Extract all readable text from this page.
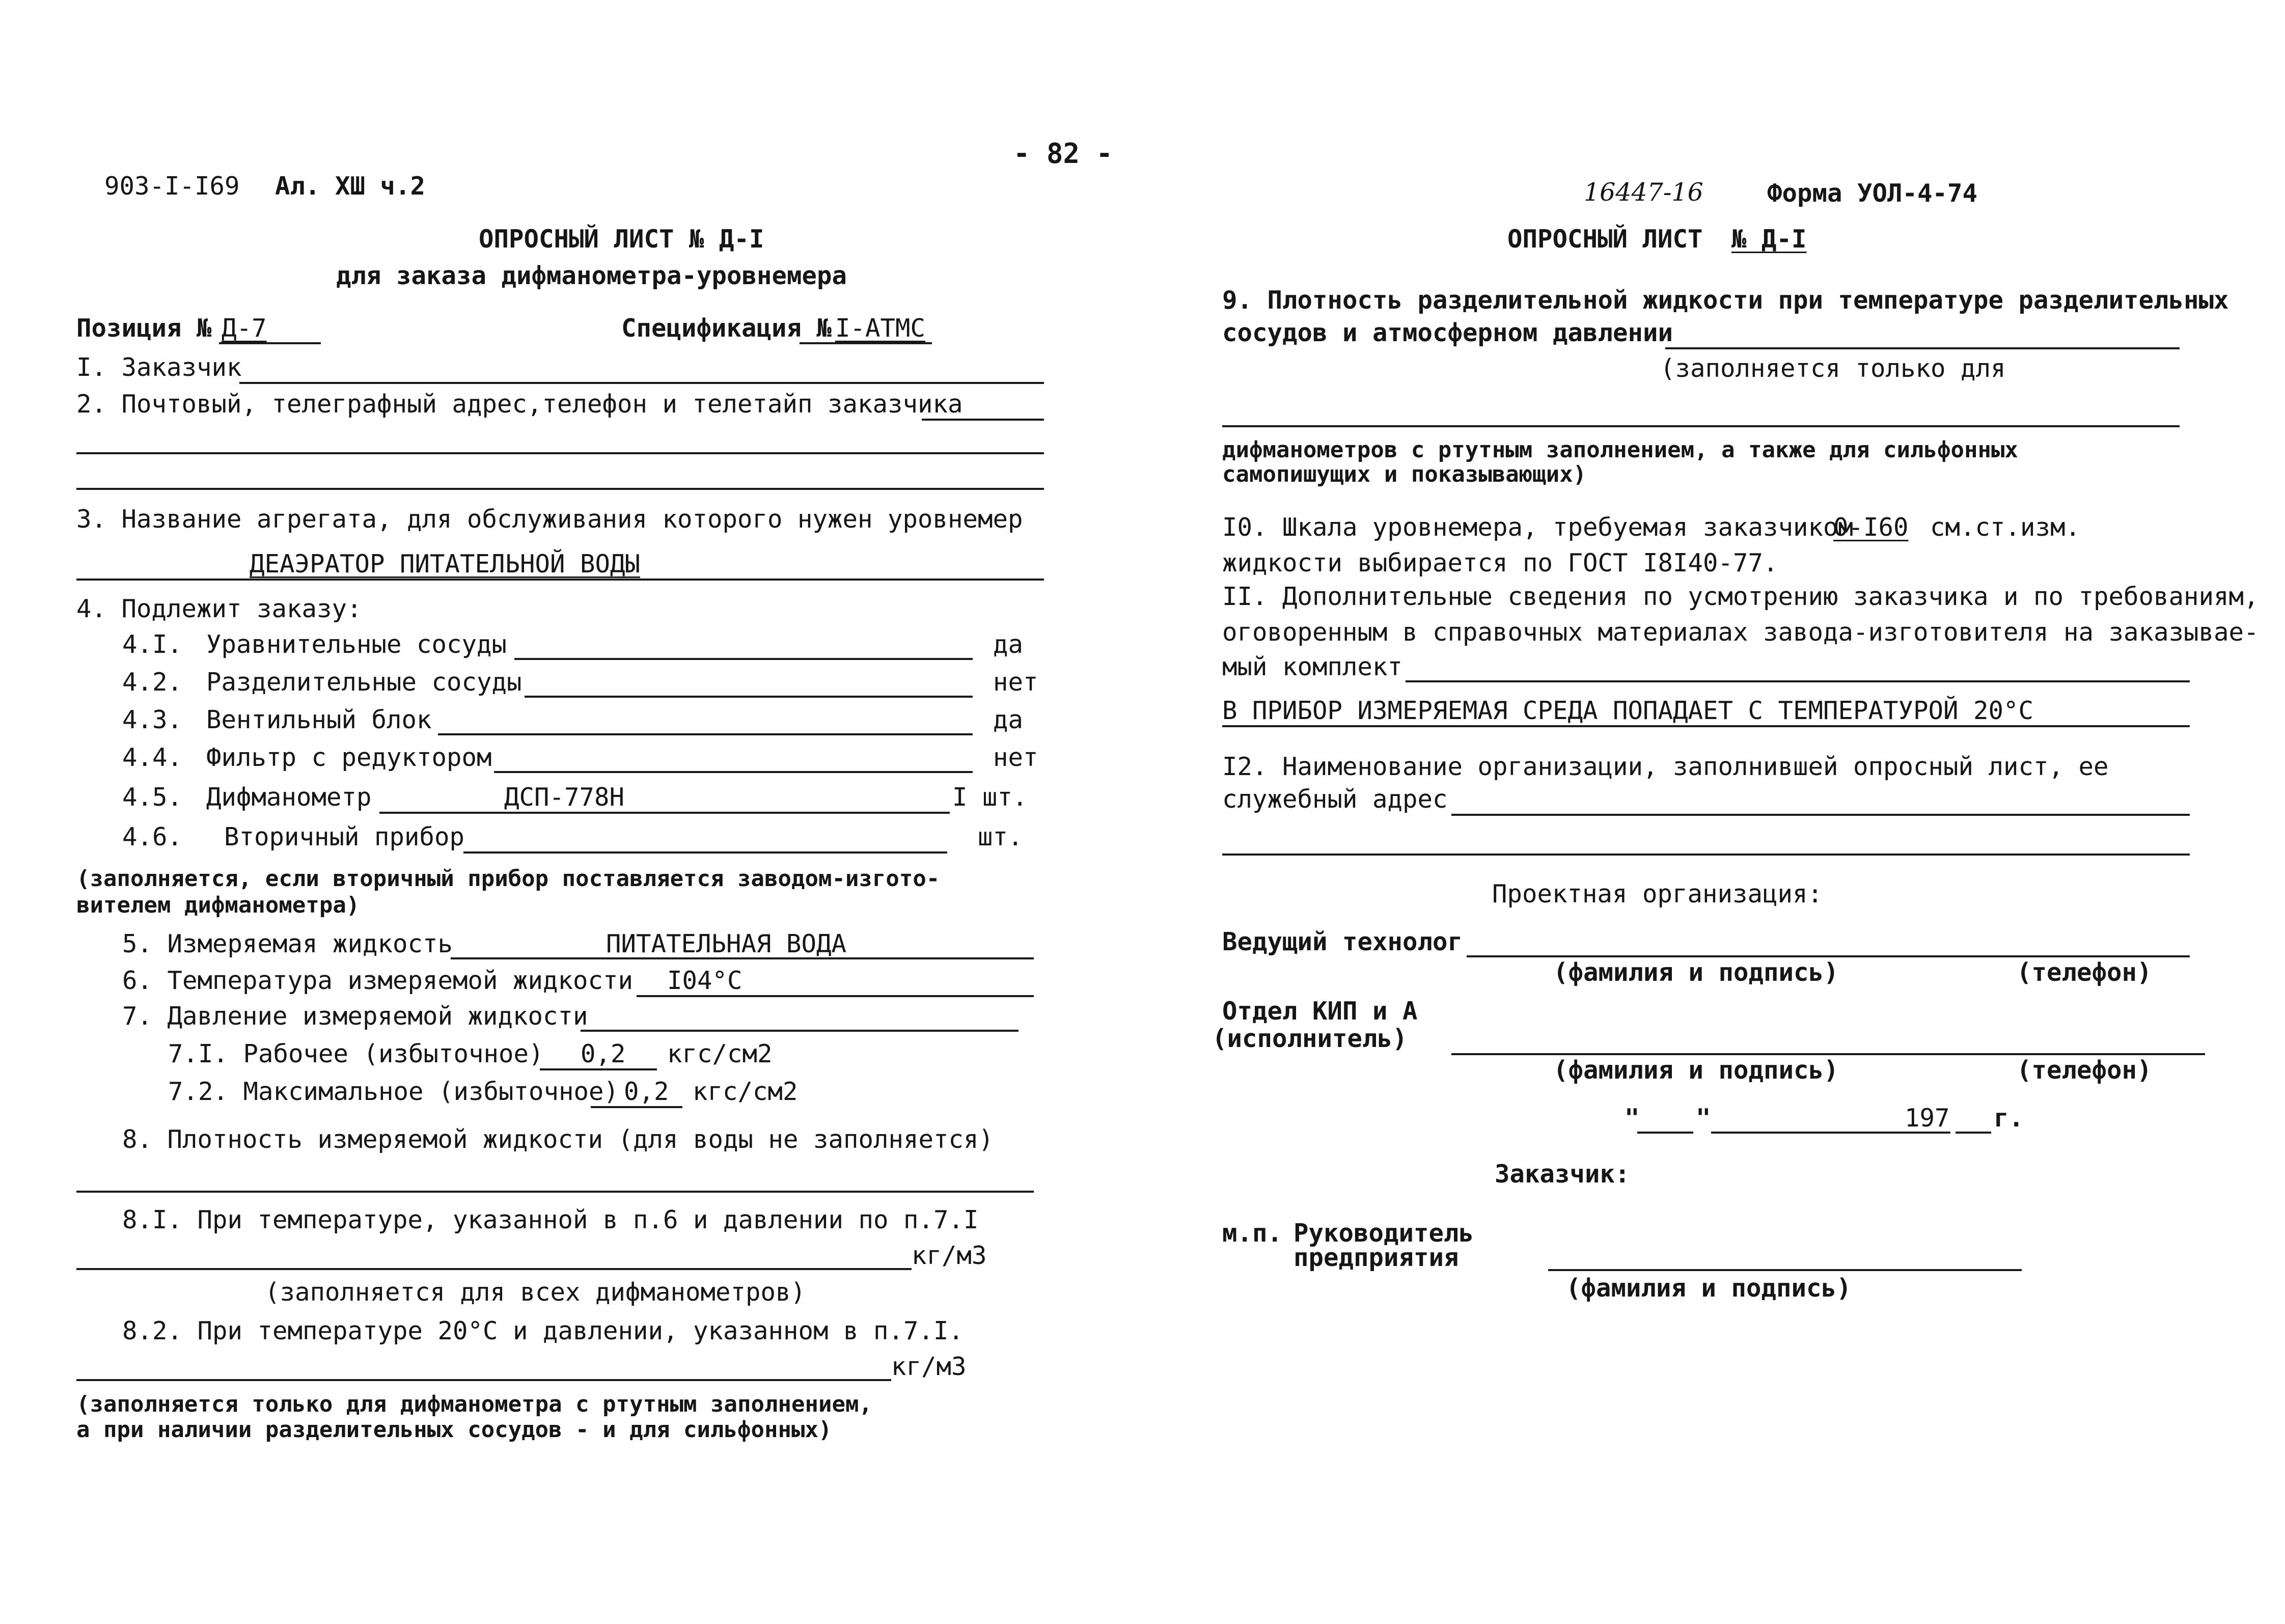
- 82 -
903-I-I69 Ал. ХШ ч.2
ОПРОСНЫЙ ЛИСТ № Д-I
для заказа дифманометра-уровнемера
Позиция № Д-7	Спецификация № I-АТМС
I. Заказчик
2. Почтовый, телеграфный адрес,телефон и телетайп заказчика
3. Название агрегата, для обслуживания которого нужен уровнемер
ДЕАЭРАТОР ПИТАТЕЛЬНОЙ ВОДЫ
4. Подлежит заказу:
4.I. Уравнительные сосуды	да
4.2. Разделительные сосуды	нет
4.3. Вентильный блок	да
4.4. Фильтр с редуктором	нет
4.5. Дифманометр	ДСП-778Н	I шт.
4.6. Вторичный прибор	шт.
(заполняется, если вторичный прибор поставляется заводом-изгото-
вителем дифманометра)
5. Измеряемая жидкость	ПИТАТЕЛЬНАЯ ВОДА
6. Температура измеряемой жидкости I04°С
7. Давление измеряемой жидкости
7.I. Рабочее (избыточное) 0,2 кгс/см2
7.2. Максимальное (избыточное) 0,2 кгс/см2
8. Плотность измеряемой жидкости (для воды не заполняется)
8.I. При температуре, указанной в п.6 и давлении по п.7.I
кг/м3
(заполняется для всех дифманометров)
8.2. При температуре 20°С и давлении, указанном в п.7.I.
кг/м3
(заполняется только для дифманометра с ртутным заполнением,
а при наличии разделительных сосудов - и для сильфонных)
16447-16	Форма УОЛ-4-74
ОПРОСНЫЙ ЛИСТ № Д-I
9. Плотность разделительной жидкости при температуре разделительных
сосудов и атмосферном давлении
(заполняется только для
дифманометров с ртутным заполнением, а также для сильфонных
самопишущих и показывающих)
I0. Шкала уровнемера, требуемая заказчиком
0-I60 см.ст.изм.
жидкости выбирается по ГОСТ I8I40-77.
II. Дополнительные сведения по усмотрению заказчика и по требованиям,
оговоренным в справочных материалах завода-изготовителя на заказывае-
мый комплект
В ПРИБОР ИЗМЕРЯЕМАЯ СРЕДА ПОПАДАЕТ С ТЕМПЕРАТУРОЙ 20°С
I2. Наименование организации, заполнившей опросный лист, ее
служебный адрес
Проектная организация:
Ведущий технолог
(фамилия и подпись)	(телефон)
Отдел КИП и А
(исполнитель)
(фамилия и подпись)	(телефон)
" "	197 г.
Заказчик:
м.п. Руководитель
предприятия
(фамилия и подпись)
